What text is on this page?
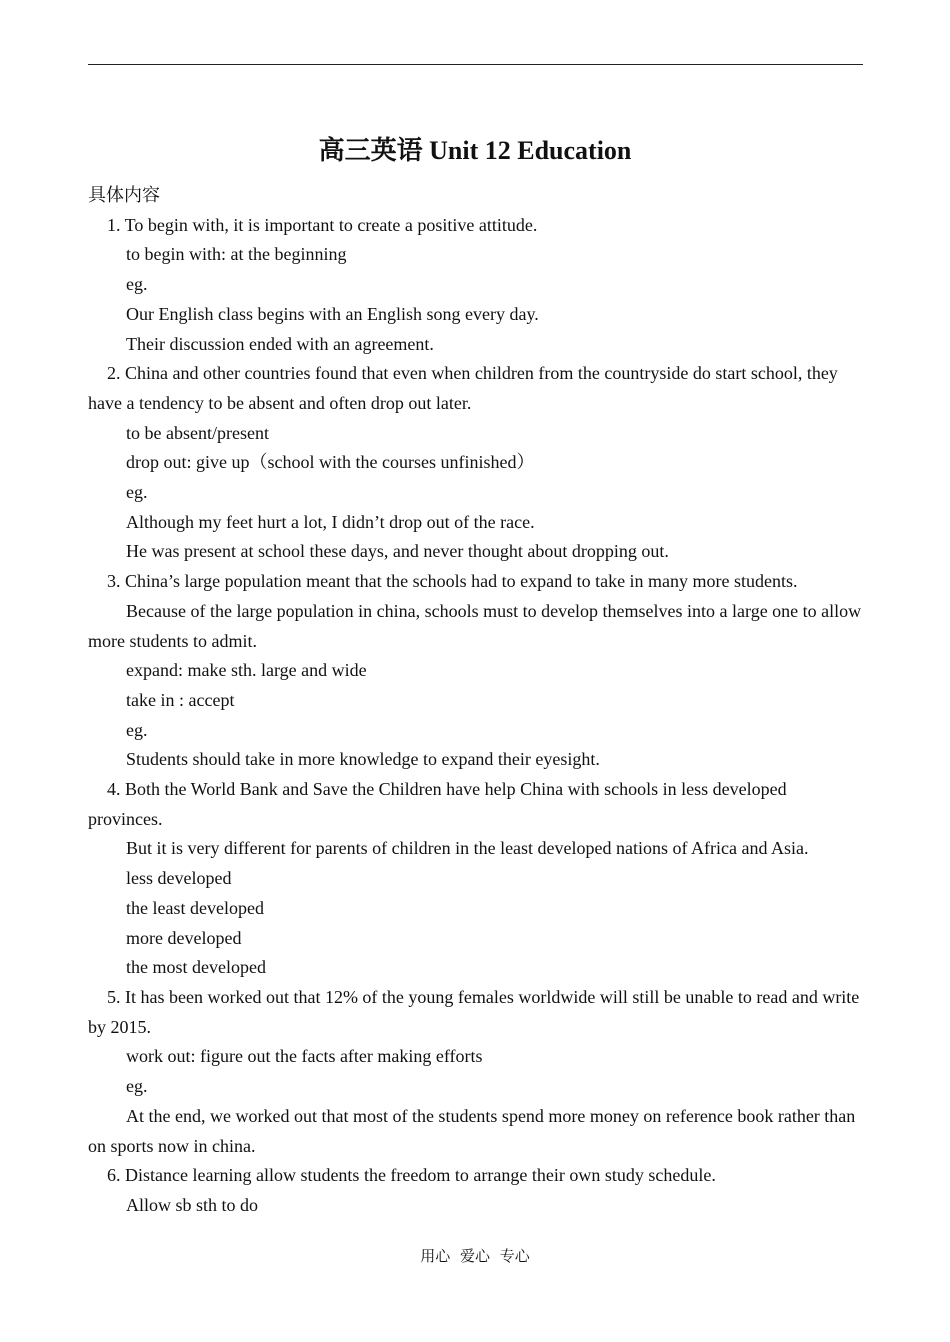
高三英语 Unit 12 Education

具体内容

1. To begin with, it is important to create a positive attitude.

to begin with: at the beginning

eg.

Our English class begins with an English song every day.

Their discussion ended with an agreement.

2. China and other countries found that even when children from the countryside do start school, they have a tendency to be absent and often drop out later.

to be absent/present

drop out: give up（school with the courses unfinished）

eg.

Although my feet hurt a lot, I didn’t drop out of the race.

He was present at school these days, and never thought about dropping out.

3. China’s large population meant that the schools had to expand to take in many more students.

Because of the large population in china, schools must to develop themselves into a large one to allow more students to admit.

expand: make sth. large and wide

take in : accept

eg.

Students should take in more knowledge to expand their eyesight.

4. Both the World Bank and Save the Children have help China with schools in less developed provinces.

But it is very different for parents of children in the least developed nations of Africa and Asia.

less developed

the least developed

more developed

the most developed

5. It has been worked out that 12% of the young females worldwide will still be unable to read and write by 2015.

work out: figure out the facts after making efforts

eg.

At the end, we worked out that most of the students spend more money on reference book rather than on sports now in china.

6. Distance learning allow students the freedom to arrange their own study schedule.

Allow sb sth to do

用心 爱心 专心
